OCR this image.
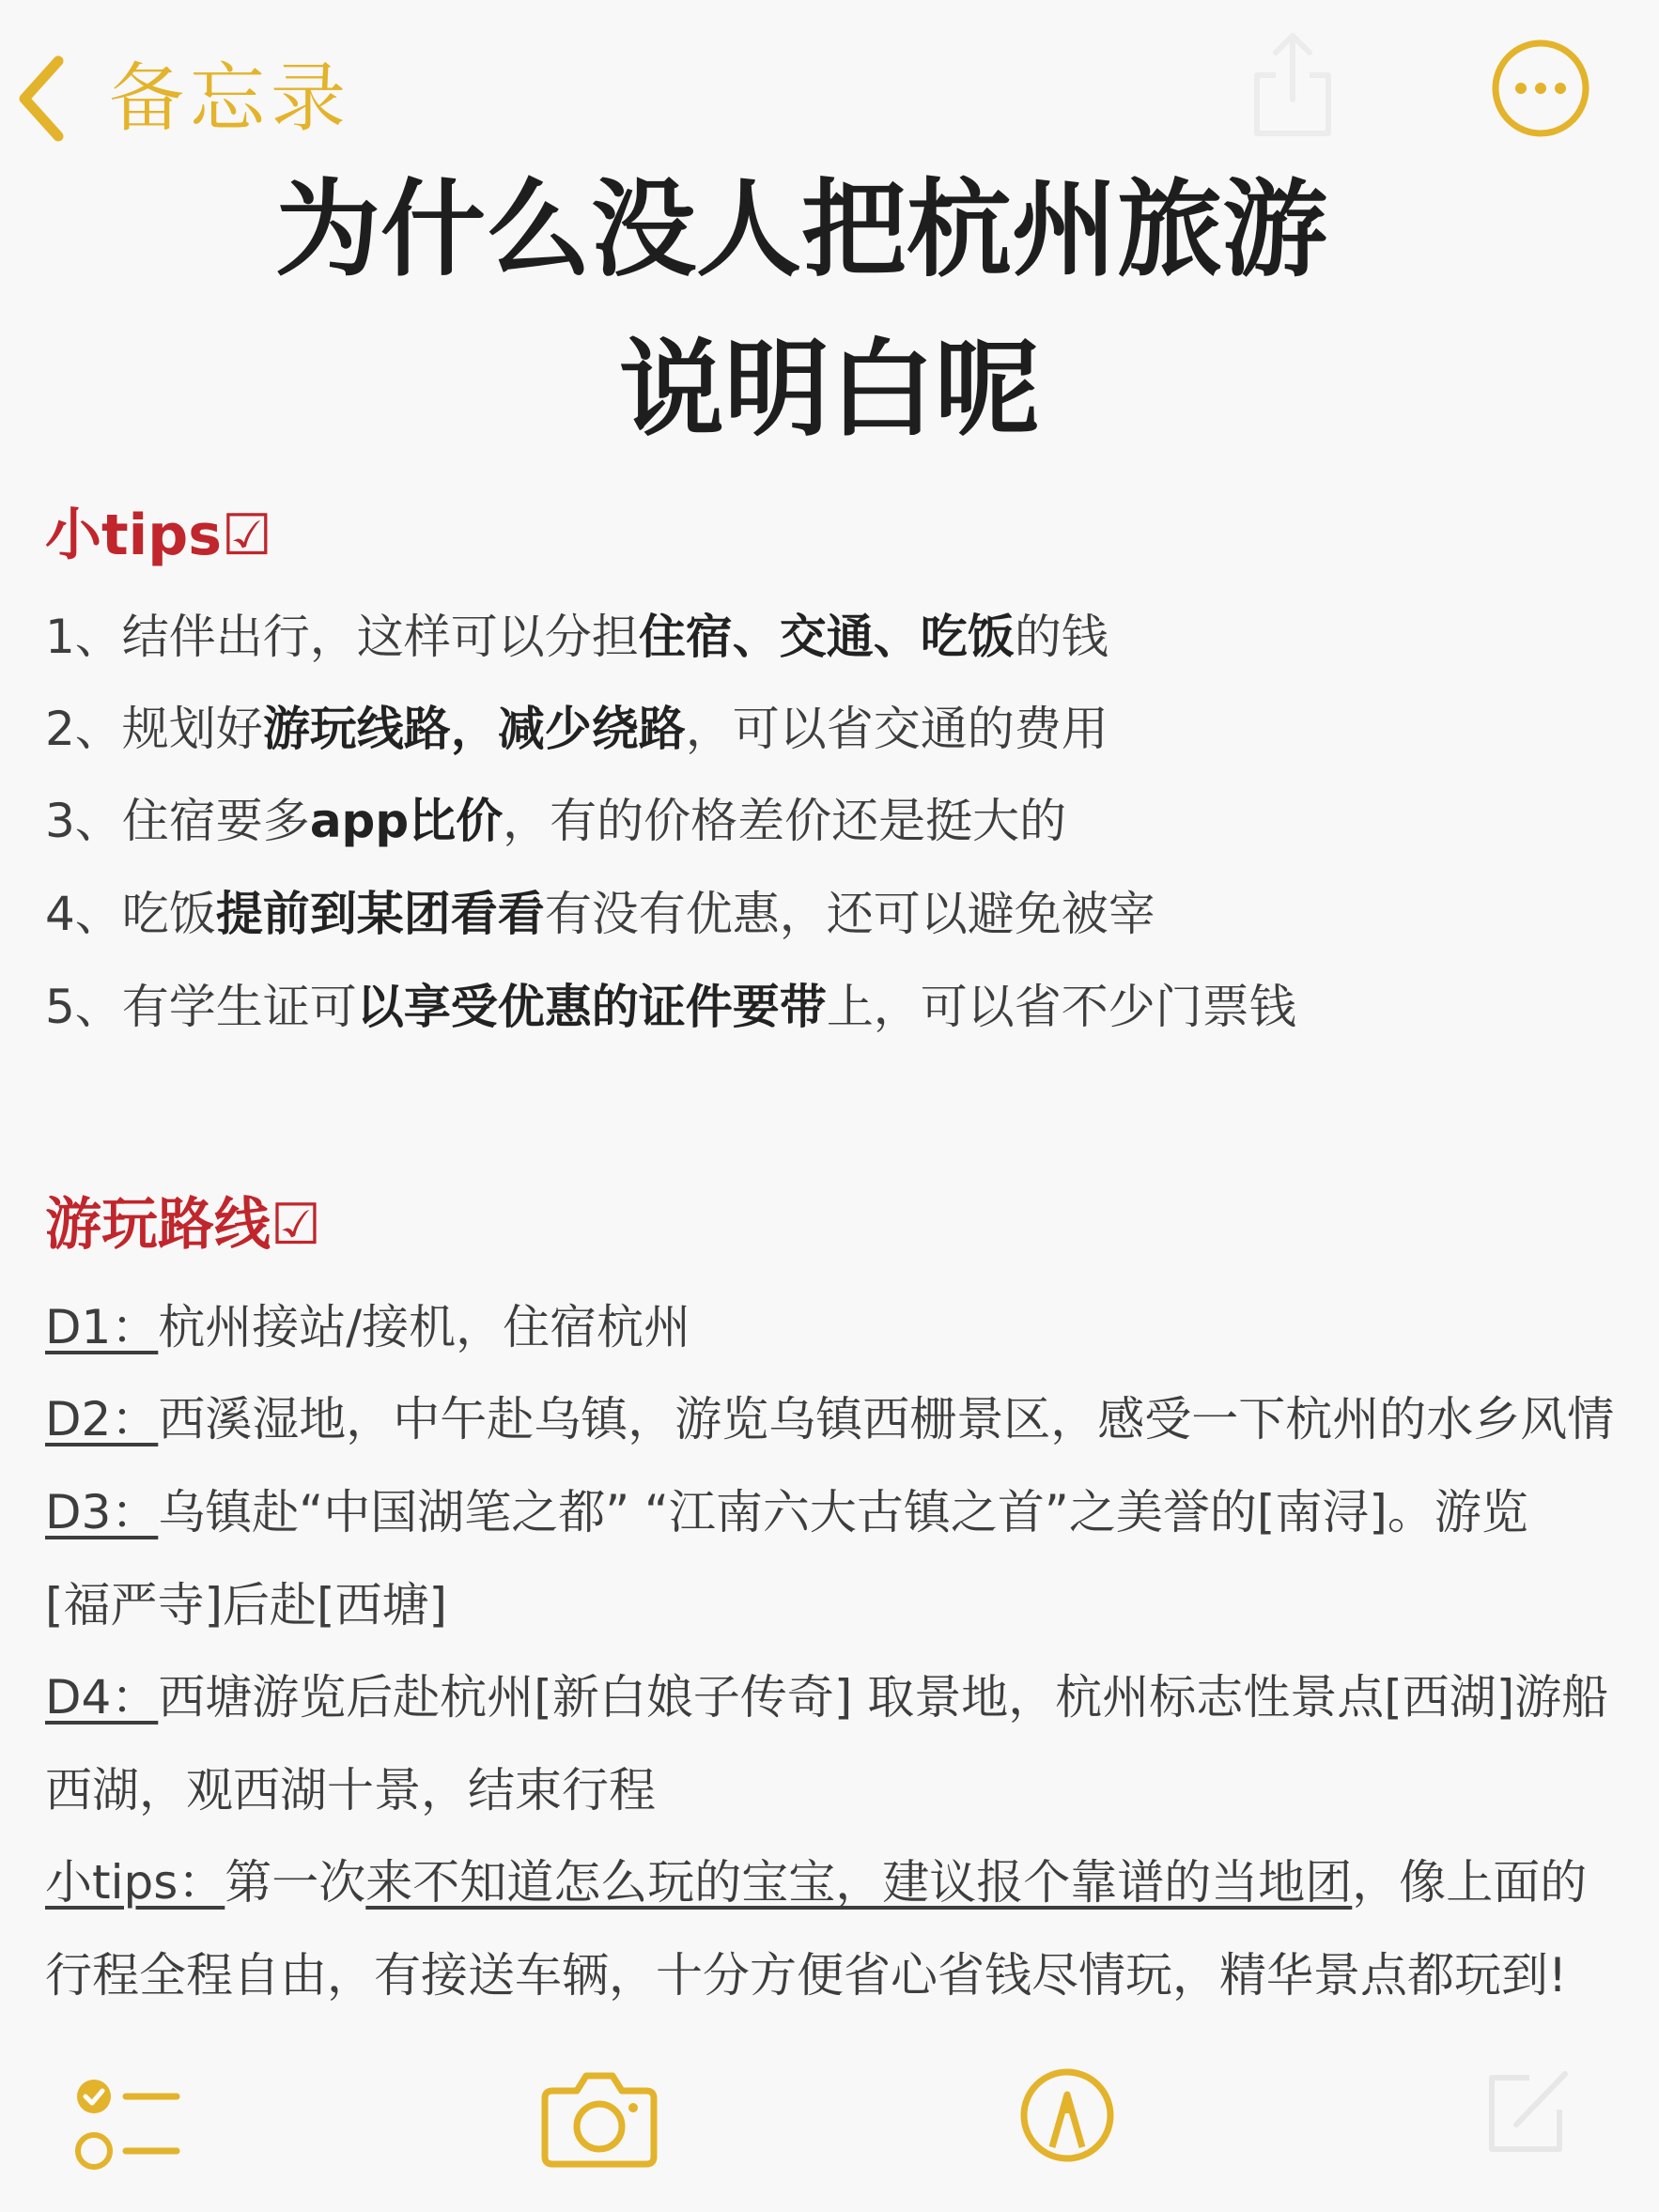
备忘录
为什么没人把杭州旅游
说明白呢
小tips☑
1、结伴出行，这样可以分担住宿、交通、吃饭的钱
2、规划好游玩线路，减少绕路，可以省交通的费用
3、住宿要多app比价，有的价格差价还是挺大的
4、吃饭提前到某团看看有没有优惠，还可以避免被宰
5、有学生证可以享受优惠的证件要带上，可以省不少门票钱
游玩路线☑
D1：杭州接站/接机，住宿杭州
D2：西溪湿地，中午赴乌镇，游览乌镇西栅景区，感受一下杭州的水乡风情
D3：乌镇赴“中国湖笔之都” “江南六大古镇之首”之美誉的[南浔]。游览
[福严寺]后赴[西塘]
D4：西塘游览后赴杭州[新白娘子传奇] 取景地，杭州标志性景点[西湖]游船
西湖，观西湖十景，结束行程
小tips：第一次来不知道怎么玩的宝宝，建议报个靠谱的当地团，像上面的
行程全程自由，有接送车辆，十分方便省心省钱尽情玩，精华景点都玩到!
